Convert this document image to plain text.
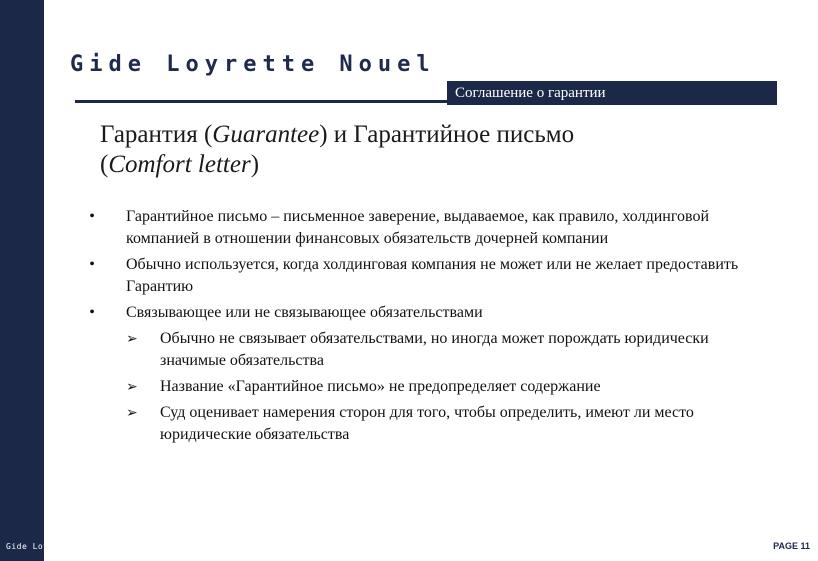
Gide Loyrette Nouel
Соглашение о гарантии
Гарантия (Guarantee) и Гарантийное письмо
(Comfort letter)
• Гарантийное письмо – письменное заверение, выдаваемое, как правило, холдинговой компанией в отношении финансовых обязательств дочерней компании
• Обычно используется, когда холдинговая компания не может или не желает предоставить Гарантию
• Связывающее или не связывающее обязательствами
➢	Обычно не связывает обязательствами, но иногда может порождать юридически значимые обязательства
➢	Название «Гарантийное письмо» не предопределяет содержание
➢	Суд оценивает намерения сторон для того, чтобы определить, имеют ли место юридические обязательства
GLN
Gide Loyrette Nouel	PAGE 11
